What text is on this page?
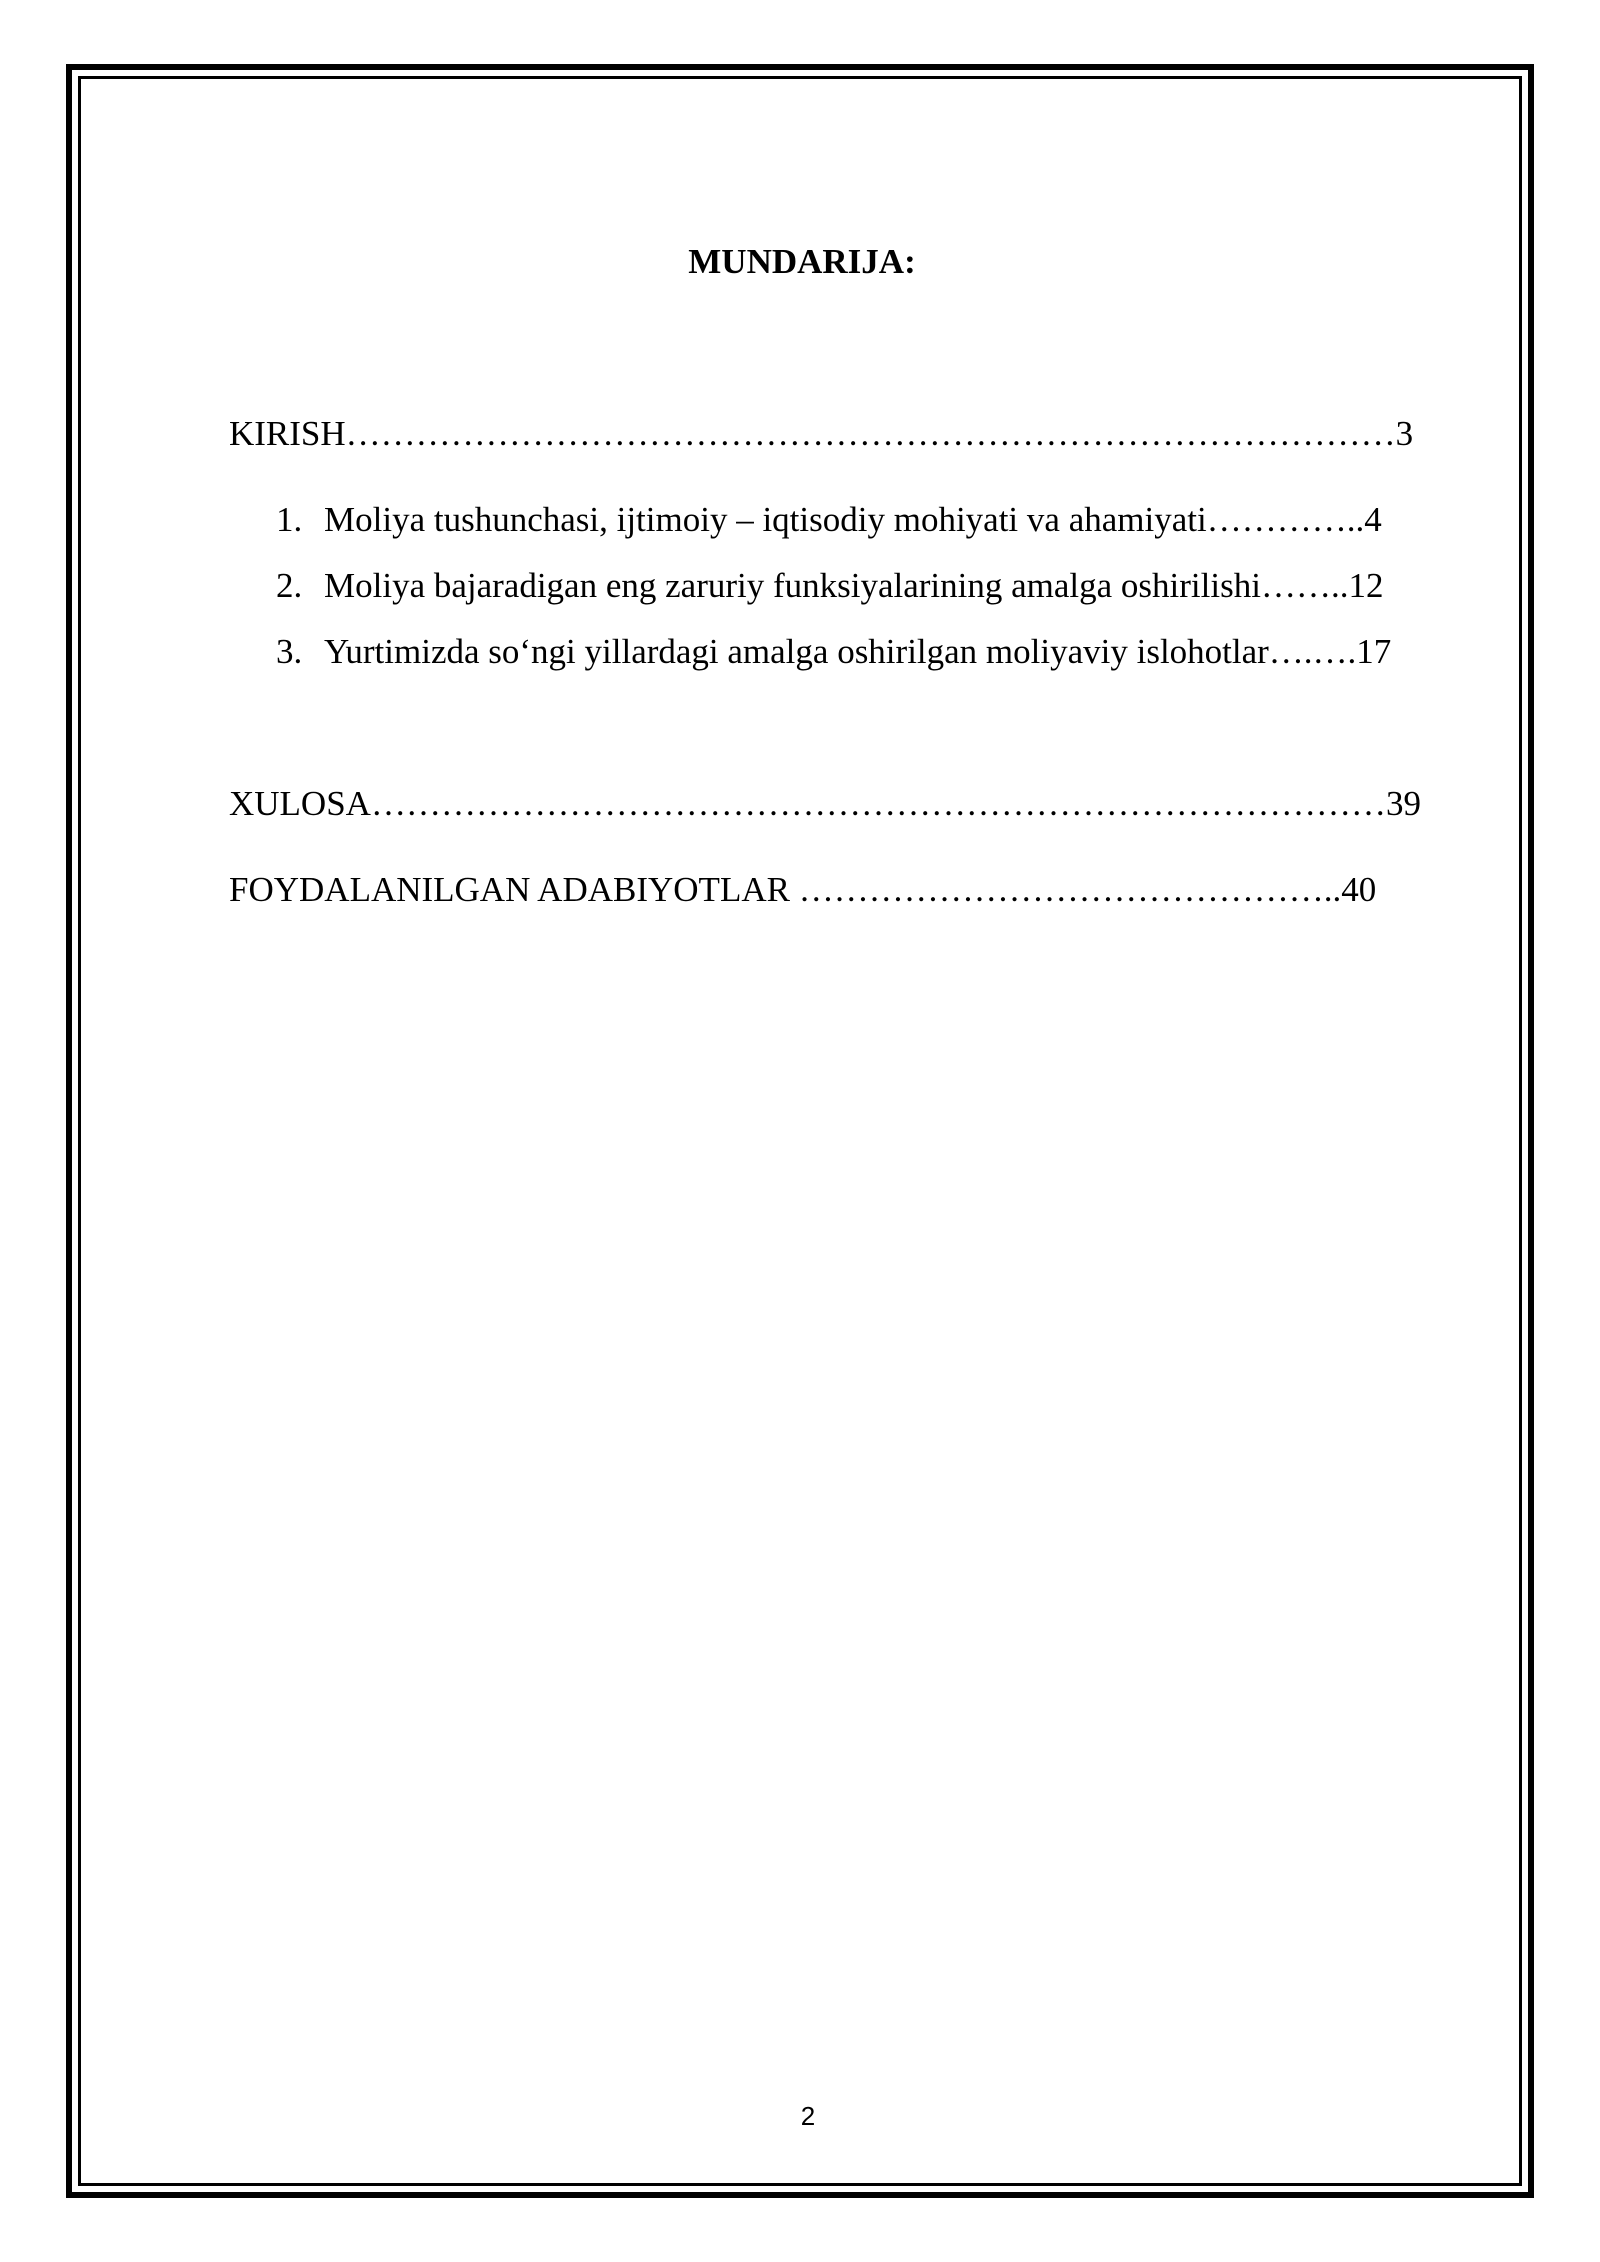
MUNDARIJA:
KIRISH………………………………………………………………………………3
1. Moliya tushunchasi, ijtimoiy – iqtisodiy mohiyati va ahamiyati…………..4
2. Moliya bajaradigan eng zaruriy funksiyalarining amalga oshirilishi……..12
3. Yurtimizda so‘ngi yillardagi amalga oshirilgan moliyaviy islohotlar….….17
XULOSA……………………………………………………………………………39
FOYDALANILGAN ADABIYOTLAR ………………………………………..40
2
